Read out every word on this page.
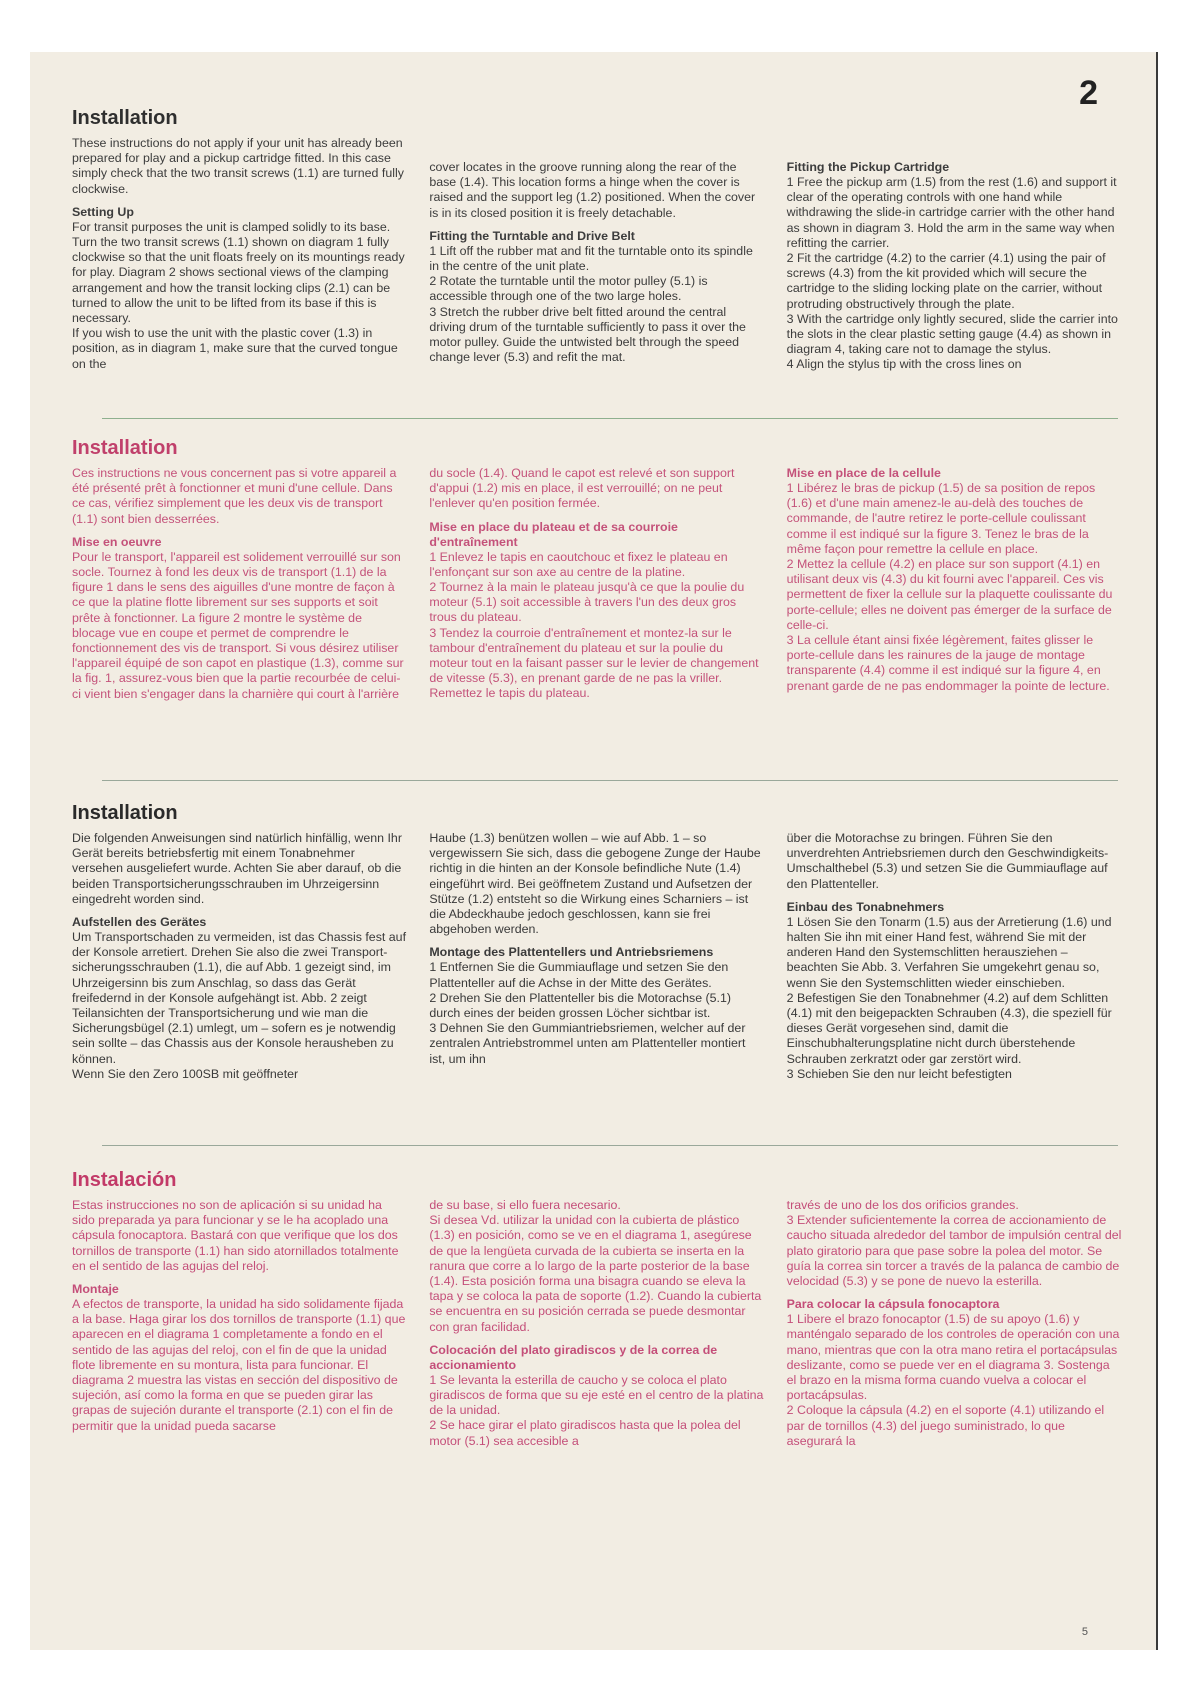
2
Installation

These instructions do not apply if your unit has already been prepared for play and a pickup cartridge fitted. In this case simply check that the two transit screws (1.1) are turned fully clockwise.

Setting Up

For transit purposes the unit is clamped solidly to its base. Turn the two transit screws (1.1) shown on diagram 1 fully clockwise so that the unit floats freely on its mountings ready for play. Diagram 2 shows sectional views of the clamping arrangement and how the transit locking clips (2.1) can be turned to allow the unit to be lifted from its base if this is necessary.

If you wish to use the unit with the plastic cover (1.3) in position, as in diagram 1, make sure that the curved tongue on the

cover locates in the groove running along the rear of the base (1.4). This location forms a hinge when the cover is raised and the support leg (1.2) positioned. When the cover is in its closed position it is freely detachable.

Fitting the Turntable and Drive Belt

1 Lift off the rubber mat and fit the turntable onto its spindle in the centre of the unit plate.

2 Rotate the turntable until the motor pulley (5.1) is accessible through one of the two large holes.

3 Stretch the rubber drive belt fitted around the central driving drum of the turntable sufficiently to pass it over the motor pulley. Guide the untwisted belt through the speed change lever (5.3) and refit the mat.

Fitting the Pickup Cartridge

1 Free the pickup arm (1.5) from the rest (1.6) and support it clear of the operating controls with one hand while withdrawing the slide-in cartridge carrier with the other hand as shown in diagram 3. Hold the arm in the same way when refitting the carrier.

2 Fit the cartridge (4.2) to the carrier (4.1) using the pair of screws (4.3) from the kit provided which will secure the cartridge to the sliding locking plate on the carrier, without protruding obstructively through the plate.

3 With the cartridge only lightly secured, slide the carrier into the slots in the clear plastic setting gauge (4.4) as shown in diagram 4, taking care not to damage the stylus.

4 Align the stylus tip with the cross lines on

Installation

Ces instructions ne vous concernent pas si votre appareil a été présenté prêt à fonctionner et muni d'une cellule. Dans ce cas, vérifiez simplement que les deux vis de transport (1.1) sont bien desserrées.

Mise en oeuvre

Pour le transport, l'appareil est solidement verrouillé sur son socle. Tournez à fond les deux vis de transport (1.1) de la figure 1 dans le sens des aiguilles d'une montre de façon à ce que la platine flotte librement sur ses supports et soit prête à fonctionner. La figure 2 montre le système de blocage vue en coupe et permet de comprendre le fonctionnement des vis de transport. Si vous désirez utiliser l'appareil équipé de son capot en plastique (1.3), comme sur la fig. 1, assurez-vous bien que la partie recourbée de celui-ci vient bien s'engager dans la charnière qui court à l'arrière

du socle (1.4). Quand le capot est relevé et son support d'appui (1.2) mis en place, il est verrouillé; on ne peut l'enlever qu'en position fermée.

Mise en place du plateau et de sa courroie d'entraînement

1 Enlevez le tapis en caoutchouc et fixez le plateau en l'enfonçant sur son axe au centre de la platine.

2 Tournez à la main le plateau jusqu'à ce que la poulie du moteur (5.1) soit accessible à travers l'un des deux gros trous du plateau.

3 Tendez la courroie d'entraînement et montez-la sur le tambour d'entraînement du plateau et sur la poulie du moteur tout en la faisant passer sur le levier de changement de vitesse (5.3), en prenant garde de ne pas la vriller. Remettez le tapis du plateau.

Mise en place de la cellule

1 Libérez le bras de pickup (1.5) de sa position de repos (1.6) et d'une main amenez-le au-delà des touches de commande, de l'autre retirez le porte-cellule coulissant comme il est indiqué sur la figure 3. Tenez le bras de la même façon pour remettre la cellule en place.

2 Mettez la cellule (4.2) en place sur son support (4.1) en utilisant deux vis (4.3) du kit fourni avec l'appareil. Ces vis permettent de fixer la cellule sur la plaquette coulissante du porte-cellule; elles ne doivent pas émerger de la surface de celle-ci.

3 La cellule étant ainsi fixée légèrement, faites glisser le porte-cellule dans les rainures de la jauge de montage transparente (4.4) comme il est indiqué sur la figure 4, en prenant garde de ne pas endommager la pointe de lecture.

Installation

Die folgenden Anweisungen sind natürlich hinfällig, wenn Ihr Gerät bereits betriebsfertig mit einem Tonabnehmer versehen ausgeliefert wurde. Achten Sie aber darauf, ob die beiden Transportsicherungsschrauben im Uhrzeigersinn eingedreht worden sind.

Aufstellen des Gerätes

Um Transportschaden zu vermeiden, ist das Chassis fest auf der Konsole arretiert. Drehen Sie also die zwei Transport-sicherungsschrauben (1.1), die auf Abb. 1 gezeigt sind, im Uhrzeigersinn bis zum Anschlag, so dass das Gerät freifedernd in der Konsole aufgehängt ist. Abb. 2 zeigt Teilansichten der Transportsicherung und wie man die Sicherungsbügel (2.1) umlegt, um – sofern es je notwendig sein sollte – das Chassis aus der Konsole herausheben zu können.

Wenn Sie den Zero 100SB mit geöffneter

Haube (1.3) benützen wollen – wie auf Abb. 1 – so vergewissern Sie sich, dass die gebogene Zunge der Haube richtig in die hinten an der Konsole befindliche Nute (1.4) eingeführt wird. Bei geöffnetem Zustand und Aufsetzen der Stütze (1.2) entsteht so die Wirkung eines Scharniers – ist die Abdeckhaube jedoch geschlossen, kann sie frei abgehoben werden.

Montage des Plattentellers und Antriebsriemens

1 Entfernen Sie die Gummiauflage und setzen Sie den Plattenteller auf die Achse in der Mitte des Gerätes.

2 Drehen Sie den Plattenteller bis die Motorachse (5.1) durch eines der beiden grossen Löcher sichtbar ist.

3 Dehnen Sie den Gummiantriebsriemen, welcher auf der zentralen Antriebstrommel unten am Plattenteller montiert ist, um ihn

über die Motorachse zu bringen. Führen Sie den unverdrehten Antriebsriemen durch den Geschwindigkeits-Umschalthebel (5.3) und setzen Sie die Gummiauflage auf den Plattenteller.

Einbau des Tonabnehmers

1 Lösen Sie den Tonarm (1.5) aus der Arretierung (1.6) und halten Sie ihn mit einer Hand fest, während Sie mit der anderen Hand den Systemschlitten herausziehen – beachten Sie Abb. 3. Verfahren Sie umgekehrt genau so, wenn Sie den Systemschlitten wieder einschieben.

2 Befestigen Sie den Tonabnehmer (4.2) auf dem Schlitten (4.1) mit den beigepackten Schrauben (4.3), die speziell für dieses Gerät vorgesehen sind, damit die Einschubhalterungsplatine nicht durch überstehende Schrauben zerkratzt oder gar zerstört wird.

3 Schieben Sie den nur leicht befestigten

Instalación

Estas instrucciones no son de aplicación si su unidad ha sido preparada ya para funcionar y se le ha acoplado una cápsula fonocaptora. Bastará con que verifique que los dos tornillos de transporte (1.1) han sido atornillados totalmente en el sentido de las agujas del reloj.

Montaje

A efectos de transporte, la unidad ha sido solidamente fijada a la base. Haga girar los dos tornillos de transporte (1.1) que aparecen en el diagrama 1 completamente a fondo en el sentido de las agujas del reloj, con el fin de que la unidad flote libremente en su montura, lista para funcionar. El diagrama 2 muestra las vistas en sección del dispositivo de sujeción, así como la forma en que se pueden girar las grapas de sujeción durante el transporte (2.1) con el fin de permitir que la unidad pueda sacarse

de su base, si ello fuera necesario.

Si desea Vd. utilizar la unidad con la cubierta de plástico (1.3) en posición, como se ve en el diagrama 1, asegúrese de que la lengüeta curvada de la cubierta se inserta en la ranura que corre a lo largo de la parte posterior de la base (1.4). Esta posición forma una bisagra cuando se eleva la tapa y se coloca la pata de soporte (1.2). Cuando la cubierta se encuentra en su posición cerrada se puede desmontar con gran facilidad.

Colocación del plato giradiscos y de la correa de accionamiento

1 Se levanta la esterilla de caucho y se coloca el plato giradiscos de forma que su eje esté en el centro de la platina de la unidad.

2 Se hace girar el plato giradiscos hasta que la polea del motor (5.1) sea accesible a

través de uno de los dos orificios grandes.

3 Extender suficientemente la correa de accionamiento de caucho situada alrededor del tambor de impulsión central del plato giratorio para que pase sobre la polea del motor. Se guía la correa sin torcer a través de la palanca de cambio de velocidad (5.3) y se pone de nuevo la esterilla.

Para colocar la cápsula fonocaptora

1 Libere el brazo fonocaptor (1.5) de su apoyo (1.6) y manténgalo separado de los controles de operación con una mano, mientras que con la otra mano retira el portacápsulas deslizante, como se puede ver en el diagrama 3. Sostenga el brazo en la misma forma cuando vuelva a colocar el portacápsulas.

2 Coloque la cápsula (4.2) en el soporte (4.1) utilizando el par de tornillos (4.3) del juego suministrado, lo que asegurará la

5
